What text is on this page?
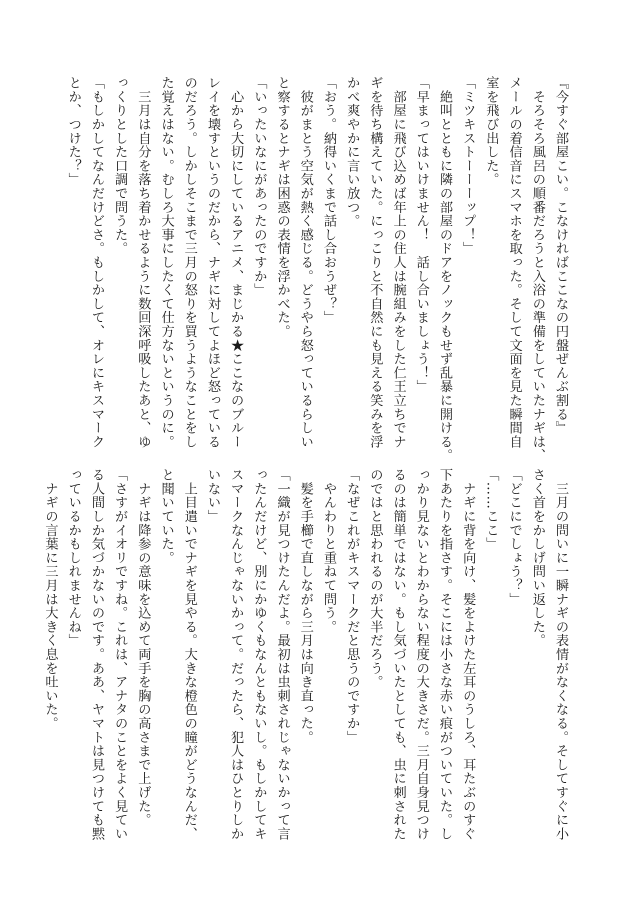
『今すぐ部屋こい。こなければここなの円盤ぜんぶ割る』
　そろそろ風呂の順番だろうと入浴の準備をしていたナギは、
メールの着信音にスマホを取った。そして文面を見た瞬間自
室を飛び出した。
「ミツキストーーーップ！」
　絶叫とともに隣の部屋のドアをノックもせず乱暴に開ける。
「早まってはいけません！　話し合いましょう！」
　部屋に飛び込めば年上の住人は腕組みをした仁王立ちでナ
ギを待ち構えていた。にっこりと不自然にも見える笑みを浮
かべ爽やかに言い放つ。
「おう。納得いくまで話し合おうぜ？」
　彼がまとう空気が熱く感じる。どうやら怒っているらしい
と察するとナギは困惑の表情を浮かべた。
「いったいなにがあったのですか」
　心から大切にしているアニメ、まじかる★ここなのブルー
レイを壊すというのだから、ナギに対してよほど怒っている
のだろう。しかしそこまで三月の怒りを買うようなことをし
た覚えはない。むしろ大事にしたくて仕方ないというのに。
　三月は自分を落ち着かせるように数回深呼吸したあと、ゆ
っくりとした口調で問うた。
「もしかしてなんだけどさ。もしかして、オレにキスマーク
とか、つけた？」
　三月の問いに一瞬ナギの表情がなくなる。そしてすぐに小
さく首をかしげ問い返した。
「どこにでしょう？」
「……ここ」
　ナギに背を向け、髪をよけた左耳のうしろ、耳たぶのすぐ
下あたりを指さす。そこには小さな赤い痕がついていた。し
っかり見ないとわからない程度の大きさだ。三月自身見つけ
るのは簡単ではない。もし気づいたとしても、虫に刺された
のではと思われるのが大半だろう。
「なぜこれがキスマークだと思うのですか」
　やんわりと重ねて問う。
　髪を手櫛で直しながら三月は向き直った。
「一織が見つけたんだよ。最初は虫刺されじゃないかって言
ったんだけど、別にかゆくもなんともないし。もしかしてキ
スマークなんじゃないかって。だったら、犯人はひとりしか
いない」
　上目遣いでナギを見やる。大きな橙色の瞳がどうなんだ、
と聞いていた。
　ナギは降参の意味を込めて両手を胸の高さまで上げた。
「さすがイオリですね。これは、アナタのことをよく見てい
る人間しか気づかないのです。ああ、ヤマトは見つけても黙
っているかもしれませんね」
　ナギの言葉に三月は大きく息を吐いた。
